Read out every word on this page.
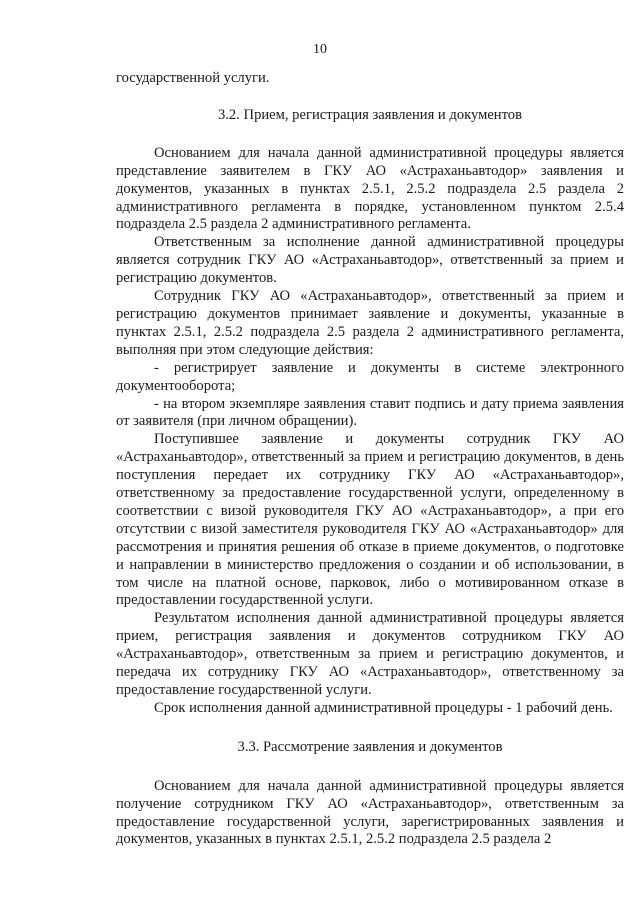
10

государственной услуги.

3.2. Прием, регистрация заявления и документов

Основанием для начала данной административной процедуры является представление заявителем в ГКУ АО «Астраханьавтодор» заявления и документов, указанных в пунктах 2.5.1, 2.5.2 подраздела 2.5 раздела 2 административного регламента в порядке, установленном пунктом 2.5.4 подраздела 2.5 раздела 2 административного регламента.

Ответственным за исполнение данной административной процедуры является сотрудник ГКУ АО «Астраханьавтодор», ответственный за прием и регистрацию документов.

Сотрудник ГКУ АО «Астраханьавтодор», ответственный за прием и регистрацию документов принимает заявление и документы, указанные в пунктах 2.5.1, 2.5.2 подраздела 2.5 раздела 2 административного регламента, выполняя при этом следующие действия:

- регистрирует заявление и документы в системе электронного документооборота;

- на втором экземпляре заявления ставит подпись и дату приема заявления от заявителя (при личном обращении).

Поступившее заявление и документы сотрудник ГКУ АО «Астраханьавтодор», ответственный за прием и регистрацию документов, в день поступления передает их сотруднику ГКУ АО «Астраханьавтодор», ответственному за предоставление государственной услуги, определенному в соответствии с визой руководителя ГКУ АО «Астраханьавтодор», а при его отсутствии с визой заместителя руководителя ГКУ АО «Астраханьавтодор» для рассмотрения и принятия решения об отказе в приеме документов, о подготовке и направлении в министерство предложения о создании и об использовании, в том числе на платной основе, парковок, либо о мотивированном отказе в предоставлении государственной услуги.

Результатом исполнения данной административной процедуры является прием, регистрация заявления и документов сотрудником ГКУ АО «Астраханьавтодор», ответственным за прием и регистрацию документов, и передача их сотруднику ГКУ АО «Астраханьавтодор», ответственному за предоставление государственной услуги.

Срок исполнения данной административной процедуры - 1 рабочий день.

3.3. Рассмотрение заявления и документов

Основанием для начала данной административной процедуры является получение сотрудником ГКУ АО «Астраханьавтодор», ответственным за предоставление государственной услуги, зарегистрированных заявления и документов, указанных в пунктах 2.5.1, 2.5.2 подраздела 2.5 раздела 2
